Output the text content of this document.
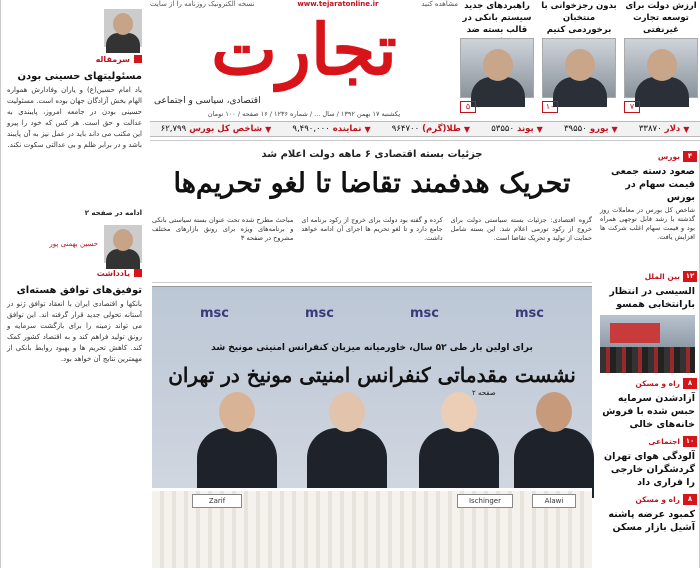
ارزش دولت برای توسعه تجارت غیرنفتی
۷
بدون رجزخوانی با منتخبان برخوردمی کنیم
۱۰
راهبردهای جدید سیستم بانکی در قالب بسته ضد
۵
مشاهده کنید
www.tejaratonline.ir
نسخه الکترونیک روزنامه را از سایت
تجارت
اقتصادی، سیاسی و اجتماعی
یکشنبه ۱۷ بهمن ۱۳۹۲ / سال ... / شماره ۱۲۳۶ / ۱۶ صفحه / ۱۰۰ تومان
▼
دلار
۳۳۸۷۰
▼
یورو
۳۹۵۵۰
▼
پوند
۵۳۵۵۰
▼
طلا(گرم)
۹۶۴۷۰۰
▼
نماینده
۹,۴۹۰,۰۰۰
▼
شاخص کل بورس
۶۲,۷۹۹
سرمقاله
مسئولیتهای حسینی بودن
یاد امام حسین(ع) و یاران وفادارش همواره الهام بخش آزادگان جهان بوده است. مسئولیت حسینی بودن در جامعه امروز، پایبندی به عدالت و حق است. هر کس که خود را پیرو این مکتب می داند باید در عمل نیز به آن پایبند باشد و در برابر ظلم و بی عدالتی سکوت نکند.
ادامه در صفحه ۲
حسین بهمنی پور
یادداشت
توفیق‌های توافق هسته‌ای
بانکها و اقتصادی ایران با انعقاد توافق ژنو در آستانه تحولی جدید قرار گرفته اند. این توافق می تواند زمینه را برای بازگشت سرمایه و رونق تولید فراهم کند و به اقتصاد کشور کمک کند. کاهش تحریم ها و بهبود روابط بانکی از مهمترین نتایج آن خواهد بود.
جزئیات بسته اقتصادی ۶ ماهه دولت اعلام شد
تحریک هدفمند تقاضا تا لغو تحریم‌ها
گروه اقتصادی: جزئیات بسته سیاستی دولت برای خروج از رکود تورمی اعلام شد. این بسته شامل حمایت از تولید و تحریک تقاضا است.
کرده و گفته بود دولت برای خروج از رکود برنامه ای جامع دارد و تا لغو تحریم ها اجرای آن ادامه خواهد داشت.
مباحث مطرح شده تحت عنوان بسته سیاستی بانکی و برنامه‌های ویژه برای رونق بازارهای مختلف مشروح در صفحه ۳
msc
msc
msc
msc
برای اولین بار طی ۵۲ سال، خاورمیانه میزبان کنفرانس امنیتی مونیخ شد
نشست مقدماتی کنفرانس امنیتی مونیخ در تهران
صفحه ۲
Zarif	Ischinger	Alawi
۴
بورس
صعود دسته جمعی قیمت سهام در بورس
شاخص کل بورس در معاملات روز گذشته با رشد قابل توجهی همراه بود و قیمت سهام اغلب شرکت ها افزایش یافت.
۱۲
بین الملل
السیسی در انتظار بارانتخابی همسو
۸
راه و مسکن
آزادشدن سرمایه حبس شده با فروش خانه‌های خالی
۱۰
اجتماعی
آلودگی هوای تهران گردشگران خارجی را فراری داد
۸
راه و مسکن
کمبود عرضه پاشنه آشیل بازار مسکن
